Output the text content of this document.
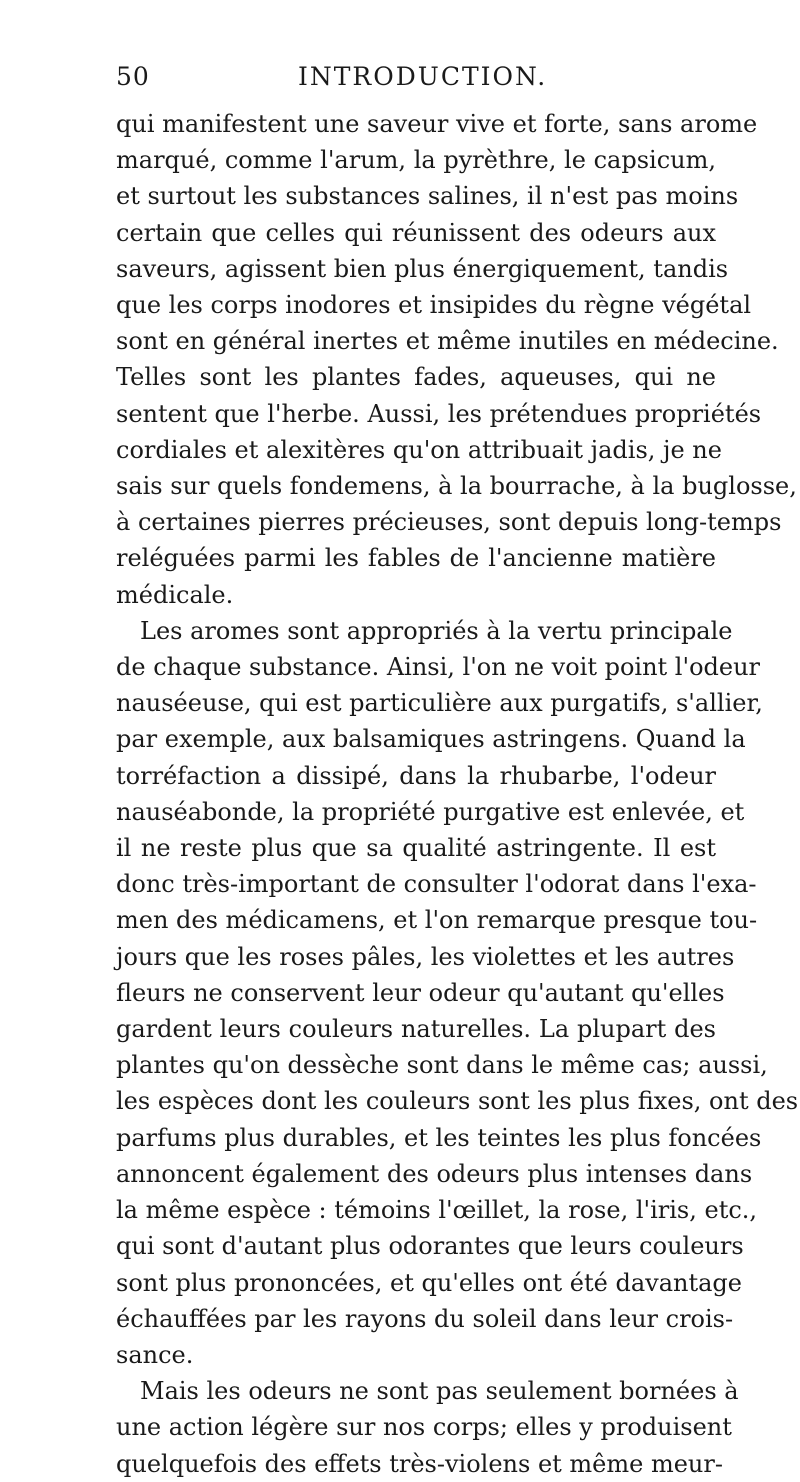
50	INTRODUCTION.

qui manifestent une saveur vive et forte, sans arome
marqué, comme l'arum, la pyrèthre, le capsicum,
et surtout les substances salines, il n'est pas moins
certain que celles qui réunissent des odeurs aux
saveurs, agissent bien plus énergiquement, tandis
que les corps inodores et insipides du règne végétal
sont en général inertes et même inutiles en médecine.
Telles sont les plantes fades, aqueuses, qui ne
sentent que l'herbe. Aussi, les prétendues propriétés
cordiales et alexitères qu'on attribuait jadis, je ne
sais sur quels fondemens, à la bourrache, à la buglosse,
à certaines pierres précieuses, sont depuis long-temps
reléguées parmi les fables de l'ancienne matière
médicale.

Les aromes sont appropriés à la vertu principale
de chaque substance. Ainsi, l'on ne voit point l'odeur
nauséeuse, qui est particulière aux purgatifs, s'allier,
par exemple, aux balsamiques astringens. Quand la
torréfaction a dissipé, dans la rhubarbe, l'odeur
nauséabonde, la propriété purgative est enlevée, et
il ne reste plus que sa qualité astringente. Il est
donc très-important de consulter l'odorat dans l'exa-
men des médicamens, et l'on remarque presque tou-
jours que les roses pâles, les violettes et les autres
fleurs ne conservent leur odeur qu'autant qu'elles
gardent leurs couleurs naturelles. La plupart des
plantes qu'on dessèche sont dans le même cas; aussi,
les espèces dont les couleurs sont les plus fixes, ont des
parfums plus durables, et les teintes les plus foncées
annoncent également des odeurs plus intenses dans
la même espèce : témoins l'œillet, la rose, l'iris, etc.,
qui sont d'autant plus odorantes que leurs couleurs
sont plus prononcées, et qu'elles ont été davantage
échauffées par les rayons du soleil dans leur crois-
sance.

Mais les odeurs ne sont pas seulement bornées à
une action légère sur nos corps; elles y produisent
quelquefois des effets très-violens et même meur-
